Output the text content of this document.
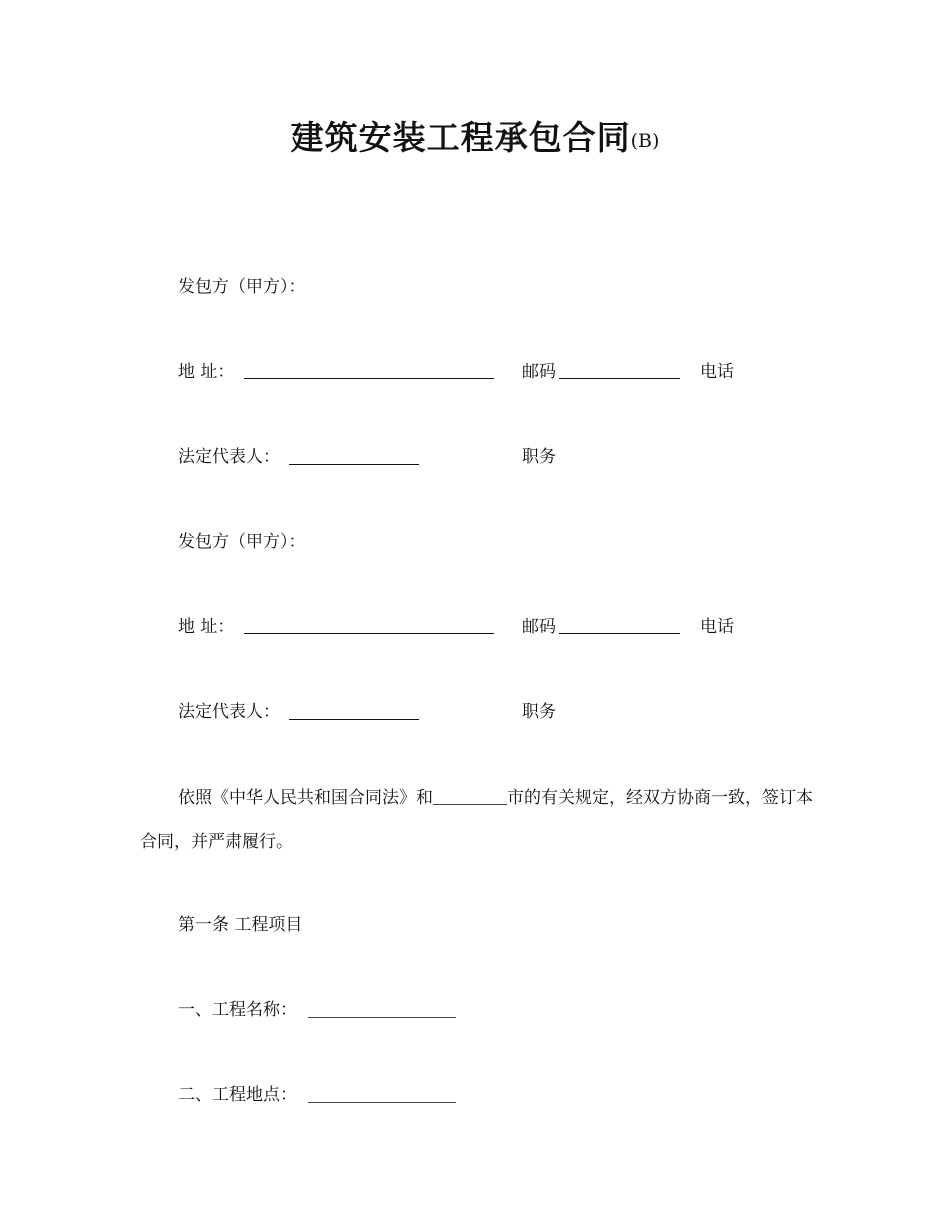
建筑安装工程承包合同(B)
发包方（甲方）：
地 址：	邮码	电话
法定代表人：	职务
发包方（甲方）：
地 址：	邮码	电话
法定代表人：	职务
依照《中华人民共和国合同法》和	市的有关规定，经双方协商一致，签订本合同，并严肃履行。
第一条 工程项目
一、工程名称：
二、工程地点：
